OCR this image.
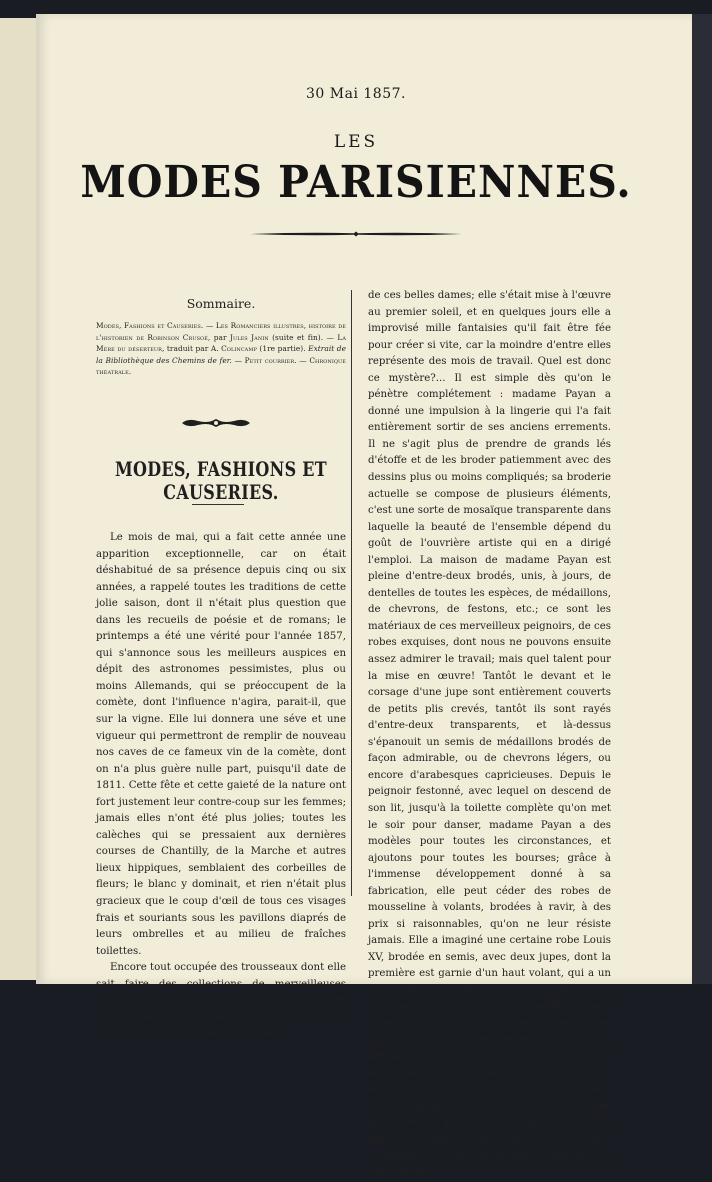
30 Mai 1857.
LES
MODES PARISIENNES.
Sommaire.
Modes, Fashions et Causeries. — Les Romanciers illustres, histoire de l'historien de Robinson Crusoé, par Jules Janin (suite et fin). — La Mère du déserteur, traduit par A. Colincamp (1re partie). Extrait de la Bibliothèque des Chemins de fer. — Petit courrier. — Chronique théatrale.
MODES, FASHIONS ET CAUSERIES.

Le mois de mai, qui a fait cette année une apparition exceptionnelle, car on était déshabitué de sa présence depuis cinq ou six années, a rappelé toutes les traditions de cette jolie saison, dont il n'était plus question que dans les recueils de poésie et de romans; le printemps a été une vérité pour l'année 1857, qui s'annonce sous les meilleurs auspices en dépit des astronomes pessimistes, plus ou moins Allemands, qui se préoccupent de la comète, dont l'influence n'agira, parait-il, que sur la vigne. Elle lui donnera une séve et une vigueur qui permettront de remplir de nouveau nos caves de ce fameux vin de la comète, dont on n'a plus guère nulle part, puisqu'il date de 1811. Cette fête et cette gaieté de la nature ont fort justement leur contre-coup sur les femmes; jamais elles n'ont été plus jolies; toutes les calèches qui se pressaient aux dernières courses de Chantilly, de la Marche et autres lieux hippiques, semblaient des corbeilles de fleurs; le blanc y dominait, et rien n'était plus gracieux que le coup d'œil de tous ces visages frais et souriants sous les pavillons diaprés de leurs ombrelles et au milieu de fraîches toilettes.

Encore tout occupée des trousseaux dont elle sait faire des collections de merveilleuses nouveautés, madame Payan a dû se multiplier pour inventer ces robes, ces canezous, ces basquines, que portaient la plupart

de ces belles dames; elle s'était mise à l'œuvre au premier soleil, et en quelques jours elle a improvisé mille fantaisies qu'il fait être fée pour créer si vite, car la moindre d'entre elles représente des mois de travail. Quel est donc ce mystère?... Il est simple dès qu'on le pénètre complétement : madame Payan a donné une impulsion à la lingerie qui l'a fait entièrement sortir de ses anciens errements. Il ne s'agit plus de prendre de grands lés d'étoffe et de les broder patiemment avec des dessins plus ou moins compliqués; sa broderie actuelle se compose de plusieurs éléments, c'est une sorte de mosaïque transparente dans laquelle la beauté de l'ensemble dépend du goût de l'ouvrière artiste qui en a dirigé l'emploi. La maison de madame Payan est pleine d'entre-deux brodés, unis, à jours, de dentelles de toutes les espèces, de médaillons, de chevrons, de festons, etc.; ce sont les matériaux de ces merveilleux peignoirs, de ces robes exquises, dont nous ne pouvons ensuite assez admirer le travail; mais quel talent pour la mise en œuvre! Tantôt le devant et le corsage d'une jupe sont entièrement couverts de petits plis crevés, tantôt ils sont rayés d'entre-deux transparents, et là-dessus s'épanouit un semis de médaillons brodés de façon admirable, ou de chevrons légers, ou encore d'arabesques capricieuses. Depuis le peignoir festonné, avec lequel on descend de son lit, jusqu'à la toilette complète qu'on met le soir pour danser, madame Payan a des modèles pour toutes les circonstances, et ajoutons pour toutes les bourses; grâce à l'immense développement donné à sa fabrication, elle peut céder des robes de mousseline à volants, brodées à ravir, à des prix si raisonnables, qu'on ne leur résiste jamais. Elle a imaginé une certaine robe Louis XV, brodée en semis, avec deux jupes, dont la première est garnie d'un haut volant, qui a un inimitable cachet de distinction; cette robe, à manches demi-longues, peut indifféremment se porter montante ou décolletée; une guimpe faite avec les mêmes entre-deux que les dessins du devant permet de la mettre pour demi-toilette; des bouillons clairs, dans lesquels on passe à volonté des rubans roses, bleus ou jaunes, en font tout de suite une robe de soirée; ce qui ne peut se décrire, c'est la grâce de la forme et la beauté du travail; non-seulement cela est exécuté par les aiguilles les plus habiles,
